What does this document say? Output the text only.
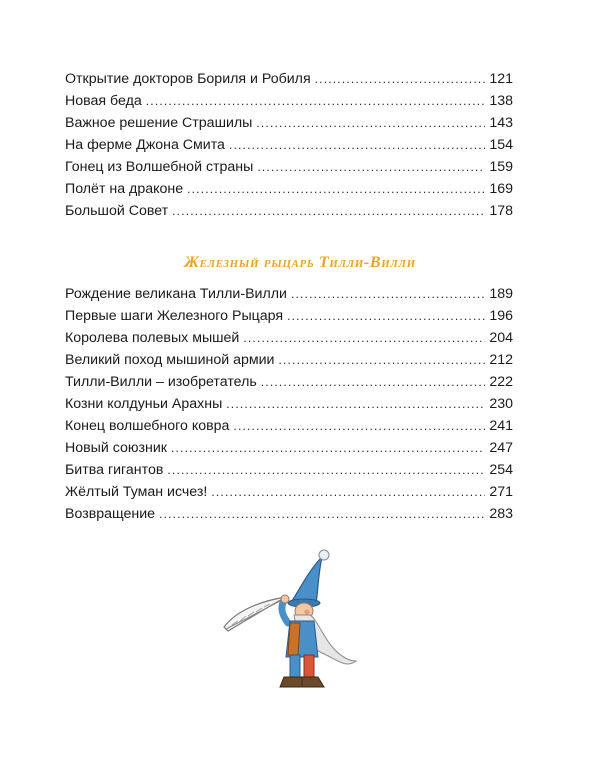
Открытие докторов Бориля и Робиля .....	121
Новая беда .....	138
Важное решение Страшилы .....	143
На ферме Джона Смита .....	154
Гонец из Волшебной страны .....	159
Полёт на драконе .....	169
Большой Совет .....	178
Железный рыцарь Тилли-Вилли
Рождение великана Тилли-Вилли .....	189
Первые шаги Железного Рыцаря .....	196
Королева полевых мышей .....	204
Великий поход мышиной армии .....	212
Тилли-Вилли – изобретатель .....	222
Козни колдуньи Арахны .....	230
Конец волшебного ковра .....	241
Новый союзник .....	247
Битва гигантов .....	254
Жёлтый Туман исчез! .....	271
Возвращение .....	283
